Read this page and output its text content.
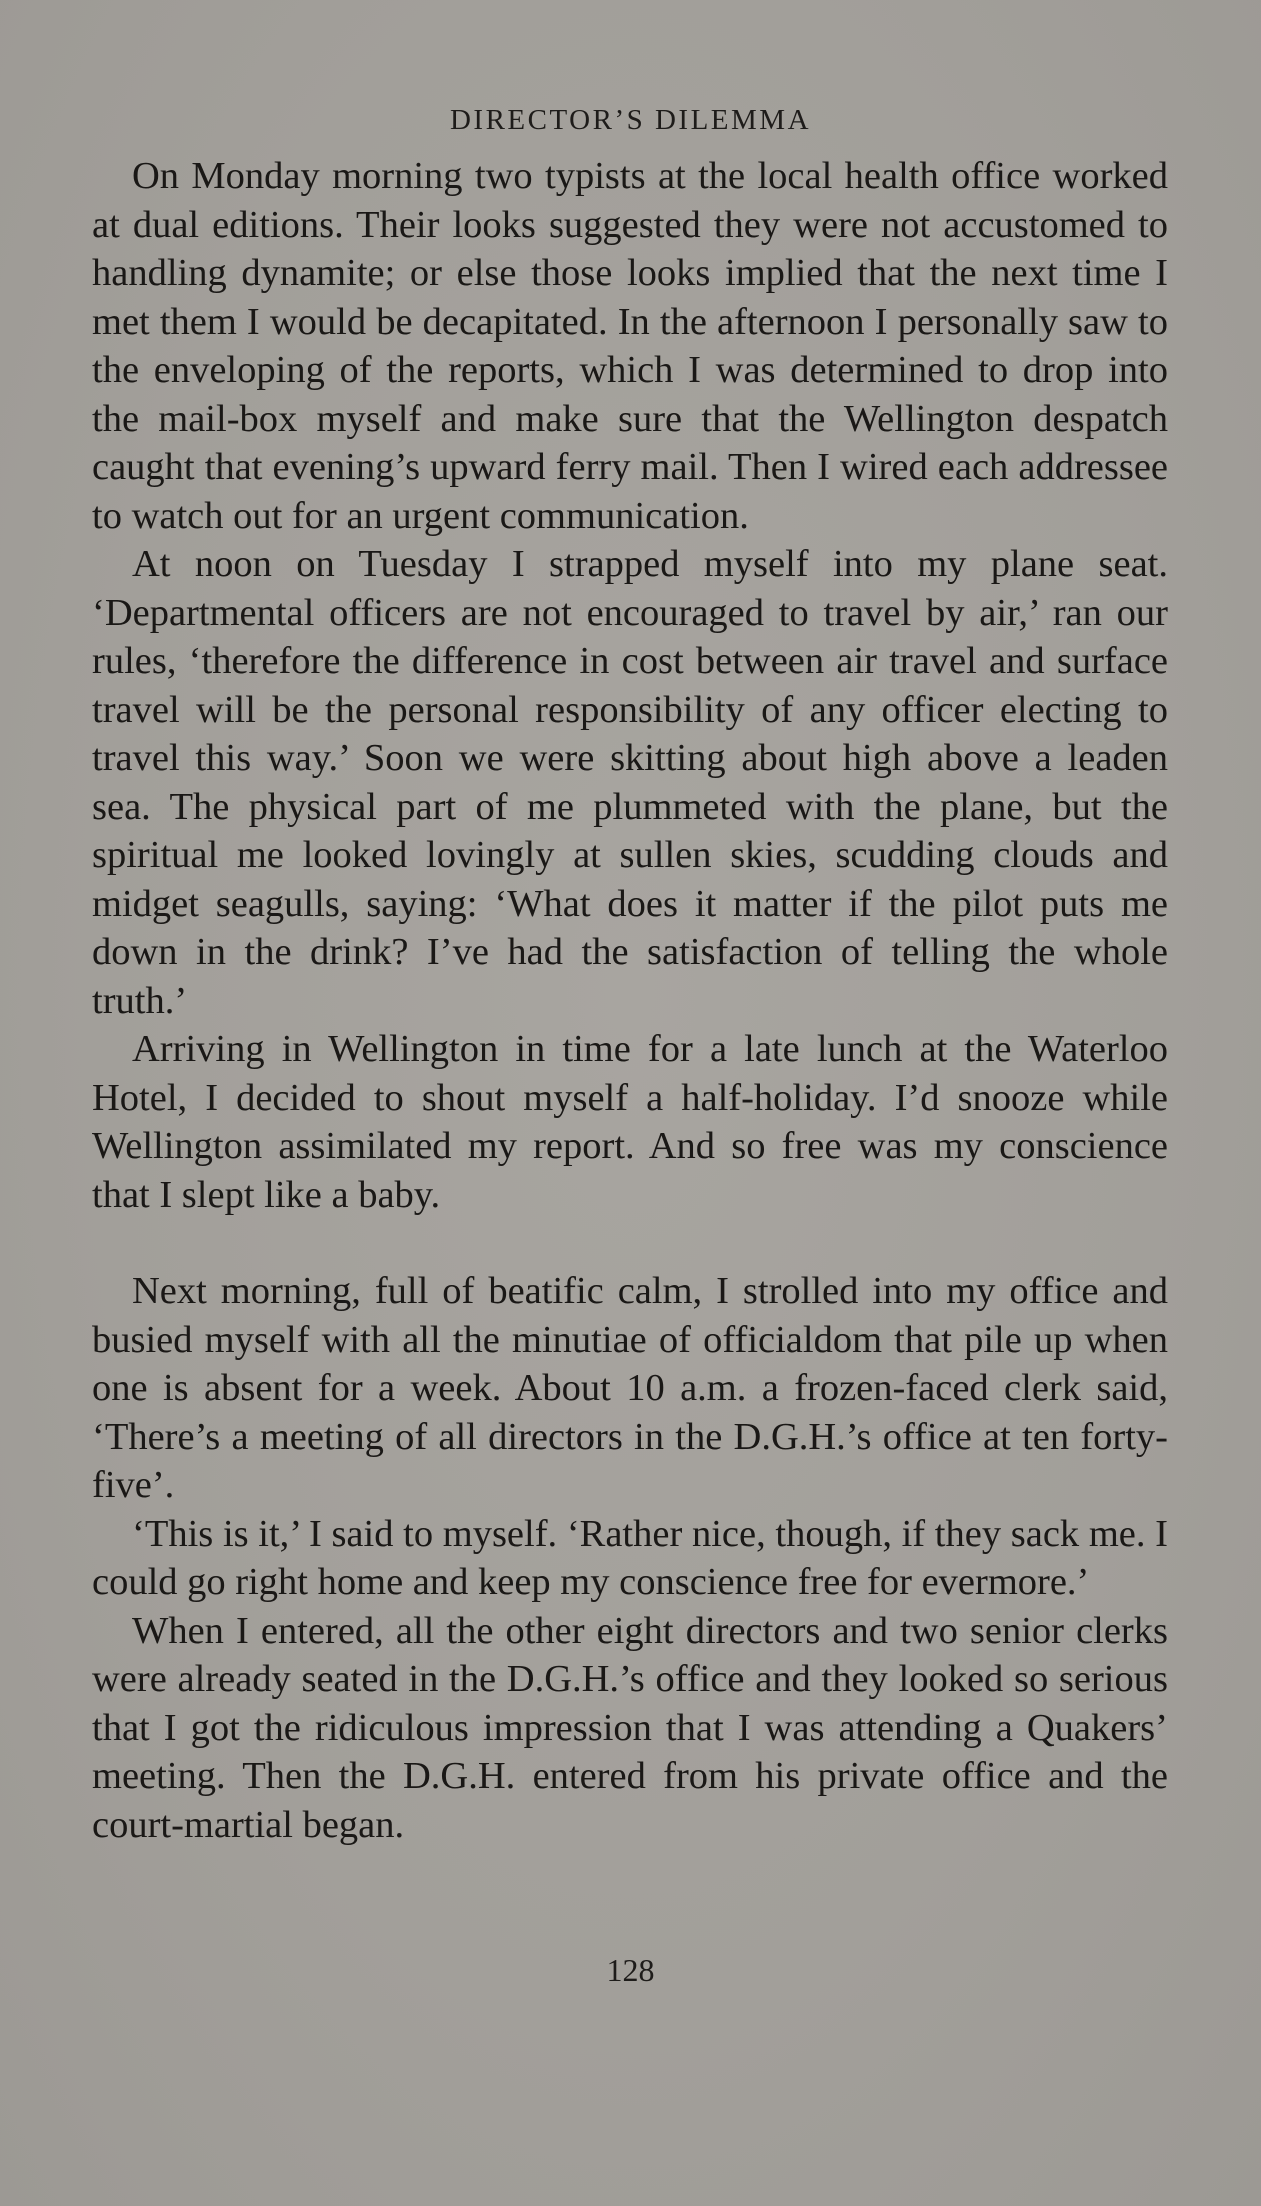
DIRECTOR’S DILEMMA

On Monday morning two typists at the local health office worked at dual editions. Their looks suggested they were not accustomed to handling dynamite; or else those looks implied that the next time I met them I would be decapitated. In the afternoon I personally saw to the enveloping of the reports, which I was determined to drop into the mail-box myself and make sure that the Wellington despatch caught that evening’s upward ferry mail. Then I wired each addressee to watch out for an urgent communication.

At noon on Tuesday I strapped myself into my plane seat. ‘Departmental officers are not encouraged to travel by air,’ ran our rules, ‘therefore the difference in cost between air travel and surface travel will be the personal responsibility of any officer electing to travel this way.’ Soon we were skitting about high above a leaden sea. The physical part of me plummeted with the plane, but the spiritual me looked lovingly at sullen skies, scudding clouds and midget seagulls, saying: ‘What does it matter if the pilot puts me down in the drink? I’ve had the satisfaction of telling the whole truth.’

Arriving in Wellington in time for a late lunch at the Waterloo Hotel, I decided to shout myself a half-holiday. I’d snooze while Wellington assimilated my report. And so free was my conscience that I slept like a baby.

Next morning, full of beatific calm, I strolled into my office and busied myself with all the minutiae of officialdom that pile up when one is absent for a week. About 10 a.m. a frozen-faced clerk said, ‘There’s a meeting of all directors in the D.G.H.’s office at ten forty-five’.

‘This is it,’ I said to myself. ‘Rather nice, though, if they sack me. I could go right home and keep my conscience free for evermore.’

When I entered, all the other eight directors and two senior clerks were already seated in the D.G.H.’s office and they looked so serious that I got the ridiculous impression that I was attending a Quakers’ meeting. Then the D.G.H. entered from his private office and the court-martial began.

128
